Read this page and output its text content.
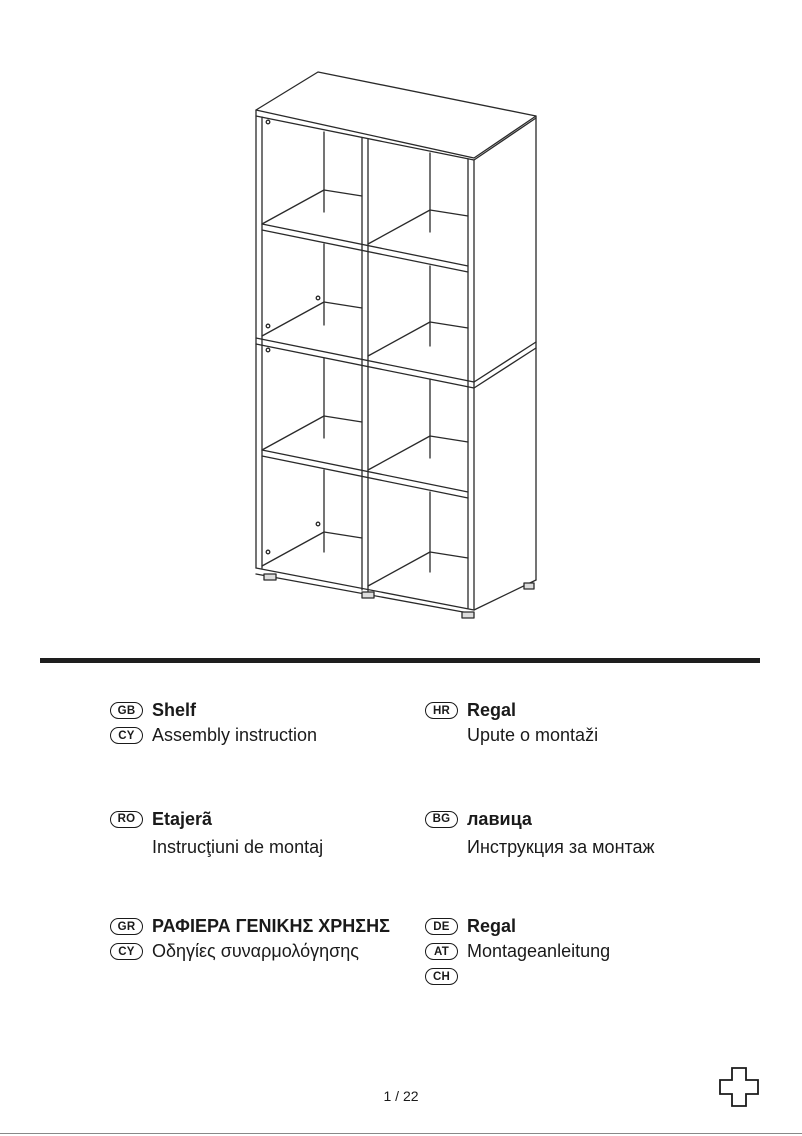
GB Shelf
CY Assembly instruction
HR Regal
Upute o montaži
RO Etajerã
Instrucţiuni de montaj
BG лавица
Инструкция за монтаж
GR ΡΑΦΙΕΡΑ ΓΕΝΙΚΗΣ ΧΡΗΣΗΣ
CY Οδηγίες συναρμολόγησης
DE Regal
AT	Montageanleitung
CH
1 / 22
